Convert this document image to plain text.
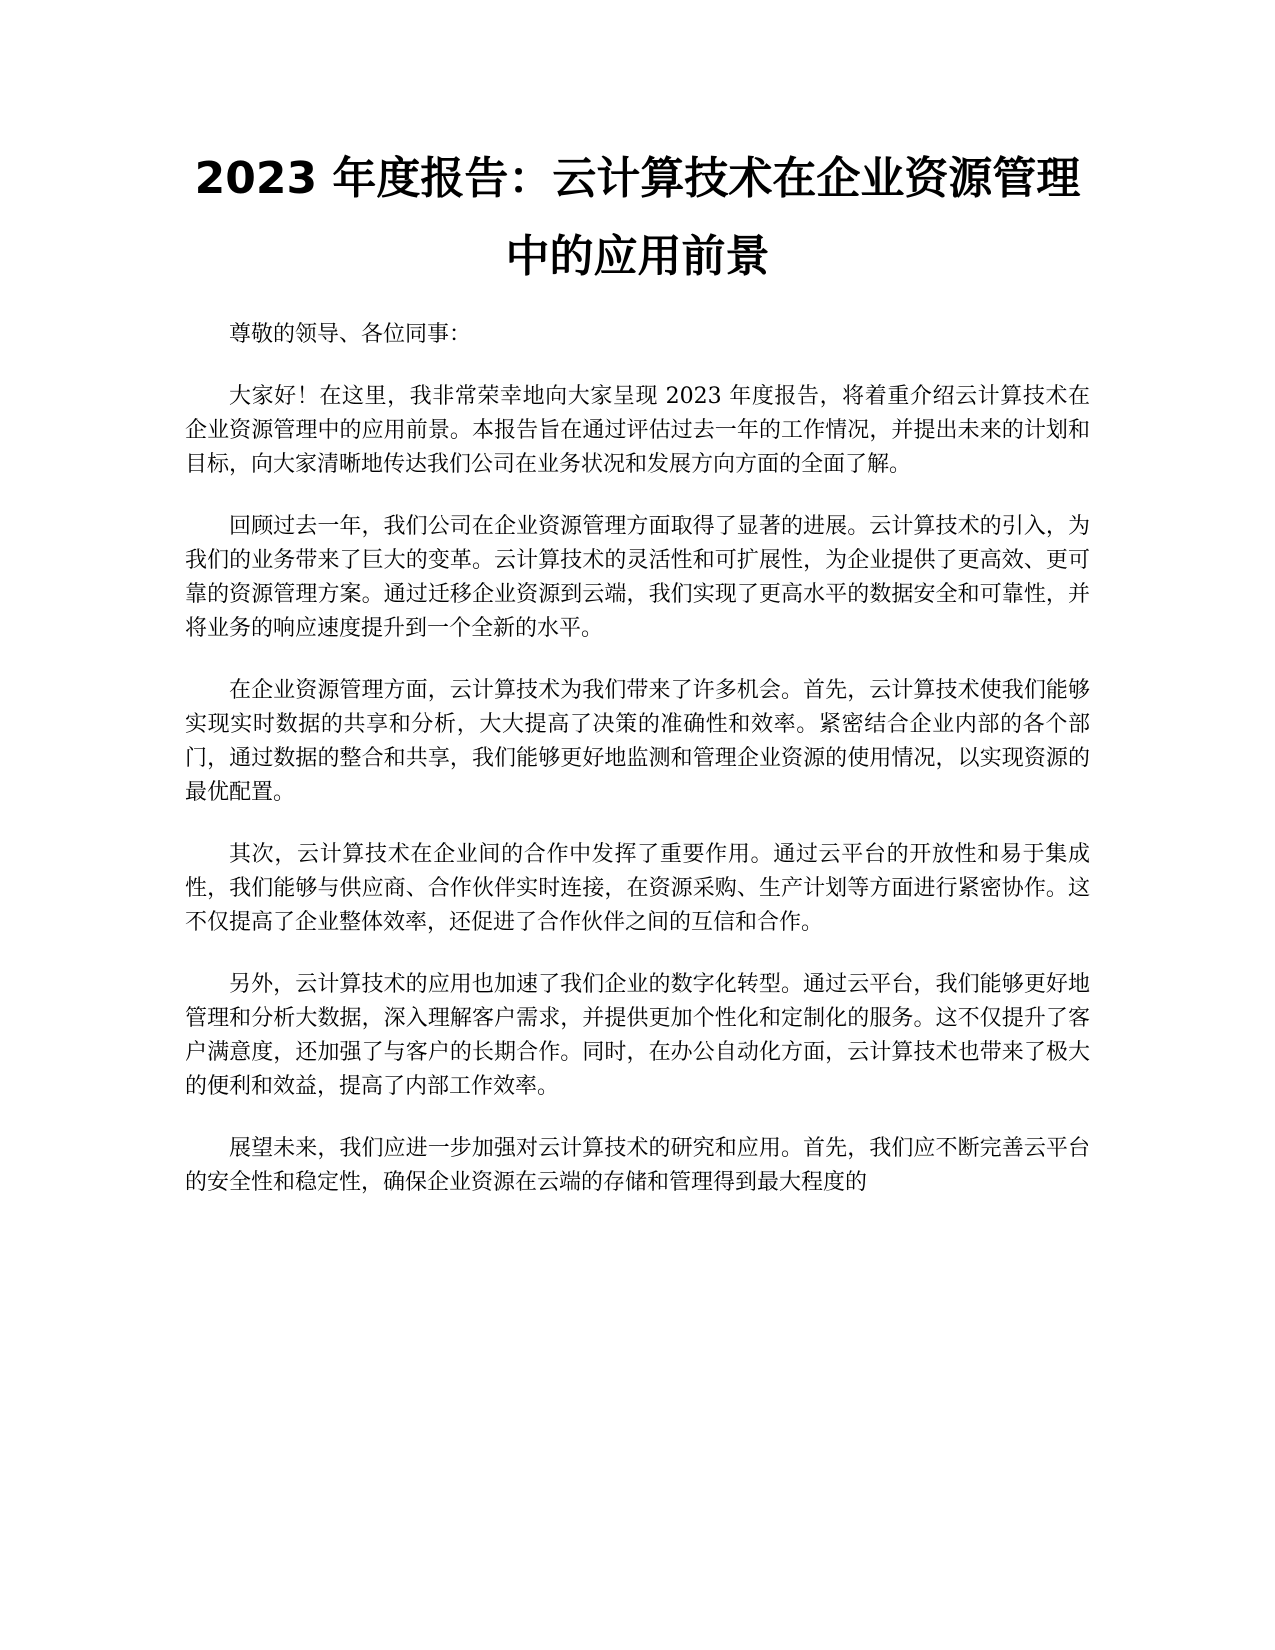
2023 年度报告：云计算技术在企业资源管理
中的应用前景

尊敬的领导、各位同事：

大家好！在这里，我非常荣幸地向大家呈现 2023 年度报告，将着重介绍云计算技术在企业资源管理中的应用前景。本报告旨在通过评估过去一年的工作情况，并提出未来的计划和目标，向大家清晰地传达我们公司在业务状况和发展方向方面的全面了解。

回顾过去一年，我们公司在企业资源管理方面取得了显著的进展。云计算技术的引入，为我们的业务带来了巨大的变革。云计算技术的灵活性和可扩展性，为企业提供了更高效、更可靠的资源管理方案。通过迁移企业资源到云端，我们实现了更高水平的数据安全和可靠性，并将业务的响应速度提升到一个全新的水平。

在企业资源管理方面，云计算技术为我们带来了许多机会。首先，云计算技术使我们能够实现实时数据的共享和分析，大大提高了决策的准确性和效率。紧密结合企业内部的各个部门，通过数据的整合和共享，我们能够更好地监测和管理企业资源的使用情况，以实现资源的最优配置。

其次，云计算技术在企业间的合作中发挥了重要作用。通过云平台的开放性和易于集成性，我们能够与供应商、合作伙伴实时连接，在资源采购、生产计划等方面进行紧密协作。这不仅提高了企业整体效率，还促进了合作伙伴之间的互信和合作。

另外，云计算技术的应用也加速了我们企业的数字化转型。通过云平台，我们能够更好地管理和分析大数据，深入理解客户需求，并提供更加个性化和定制化的服务。这不仅提升了客户满意度，还加强了与客户的长期合作。同时，在办公自动化方面，云计算技术也带来了极大的便利和效益，提高了内部工作效率。

展望未来，我们应进一步加强对云计算技术的研究和应用。首先，我们应不断完善云平台的安全性和稳定性，确保企业资源在云端的存储和管理得到最大程度的
